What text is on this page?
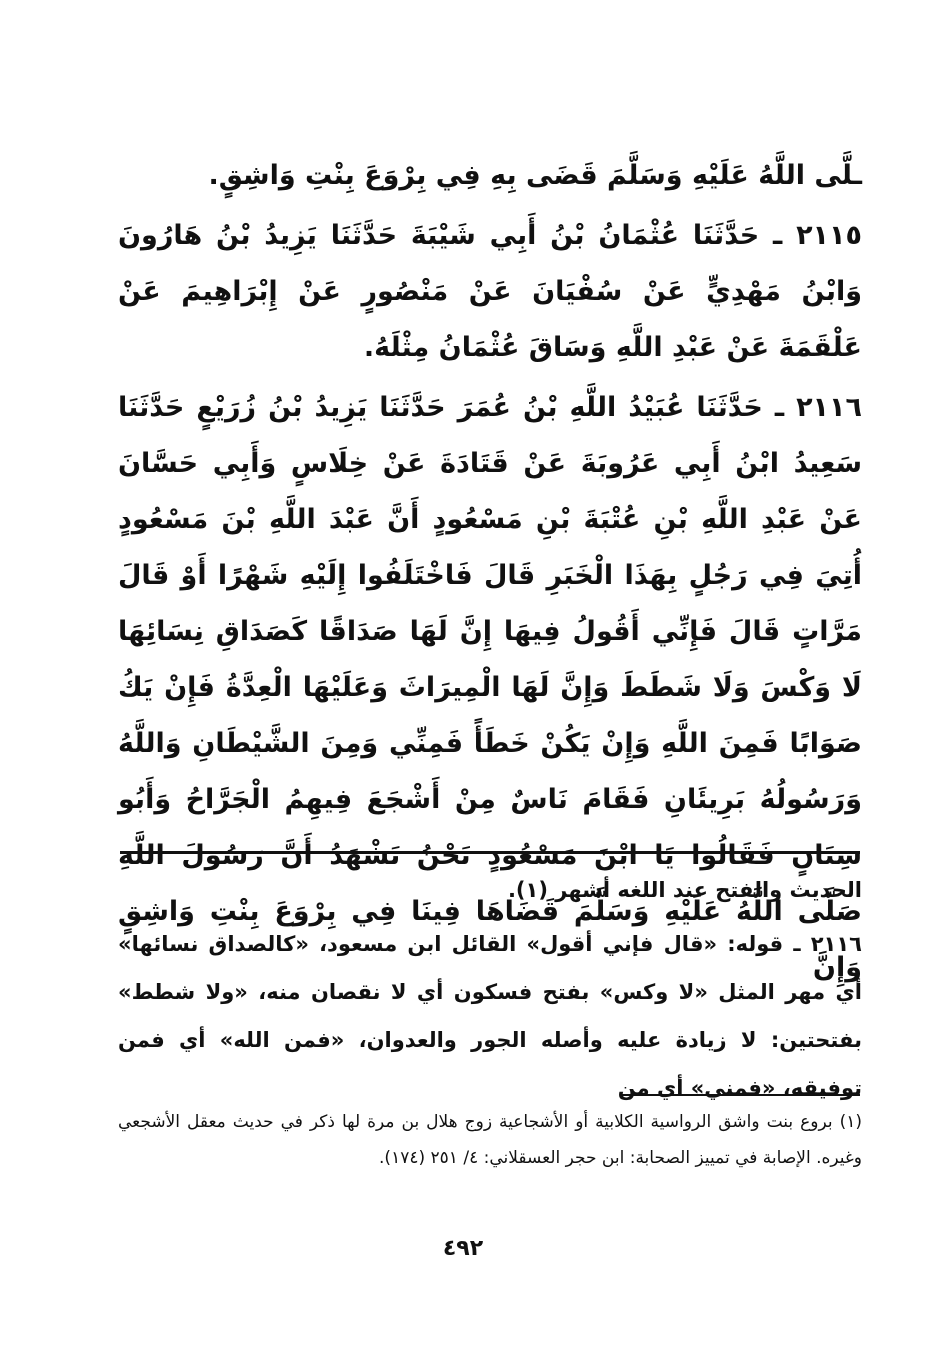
ـلَّى اللَّهُ عَلَيْهِ وَسَلَّمَ قَضَى بِهِ فِي بِرْوَعَ بِنْتِ وَاشِقٍ.

٢١١٥ ـ حَدَّثَنَا عُثْمَانُ بْنُ أَبِي شَيْبَةَ حَدَّثَنَا يَزِيدُ بْنُ هَارُونَ وَابْنُ مَهْدِيٍّ عَنْ سُفْيَانَ عَنْ مَنْصُورٍ عَنْ إِبْرَاهِيمَ عَنْ عَلْقَمَةَ عَنْ عَبْدِ اللَّهِ وَسَاقَ عُثْمَانُ مِثْلَهُ.

٢١١٦ ـ حَدَّثَنَا عُبَيْدُ اللَّهِ بْنُ عُمَرَ حَدَّثَنَا يَزِيدُ بْنُ زُرَيْعٍ حَدَّثَنَا سَعِيدُ ابْنُ أَبِي عَرُوبَةَ عَنْ قَتَادَةَ عَنْ خِلَاسٍ وَأَبِي حَسَّانَ عَنْ عَبْدِ اللَّهِ بْنِ عُتْبَةَ بْنِ مَسْعُودٍ أَنَّ عَبْدَ اللَّهِ بْنَ مَسْعُودٍ أُتِيَ فِي رَجُلٍ بِهَذَا الْخَبَرِ قَالَ فَاخْتَلَفُوا إِلَيْهِ شَهْرًا أَوْ قَالَ مَرَّاتٍ قَالَ فَإِنِّي أَقُولُ فِيهَا إِنَّ لَهَا صَدَاقًا كَصَدَاقِ نِسَائِهَا لَا وَكْسَ وَلَا شَطَطَ وَإِنَّ لَهَا الْمِيرَاثَ وَعَلَيْهَا الْعِدَّةُ فَإِنْ يَكُ صَوَابًا فَمِنَ اللَّهِ وَإِنْ يَكُنْ خَطَأً فَمِنِّي وَمِنَ الشَّيْطَانِ وَاللَّهُ وَرَسُولُهُ بَرِيئَانِ فَقَامَ نَاسٌ مِنْ أَشْجَعَ فِيهِمُ الْجَرَّاحُ وَأَبُو سِنَانٍ فَقَالُوا يَا ابْنَ مَسْعُودٍ نَحْنُ نَشْهَدُ أَنَّ رَسُولَ اللَّهِ صَلَّى اللَّهُ عَلَيْهِ وَسَلَّمَ قَضَاهَا فِينَا فِي بِرْوَعَ بِنْتِ وَاشِقٍ وَإِنَّ

الحديث والفتح عند اللغه أشهر (١).

٢١١٦ ـ قوله: «قال فإني أقول» القائل ابن مسعود، «كالصداق نسائها» أي مهر المثل «لا وكس» بفتح فسكون أي لا نقصان منه، «ولا شطط» بفتحتين: لا زيادة عليه وأصله الجور والعدوان، «فمن الله» أي فمن توفيقه، «فمني» أي من

(١) بروع بنت واشق الرواسية الكلابية أو الأشجاعية زوج هلال بن مرة لها ذكر في حديث معقل الأشجعي وغيره. الإصابة في تمييز الصحابة: ابن حجر العسقلاني: ٤/ ٢٥١ (١٧٤).

٤٩٢
